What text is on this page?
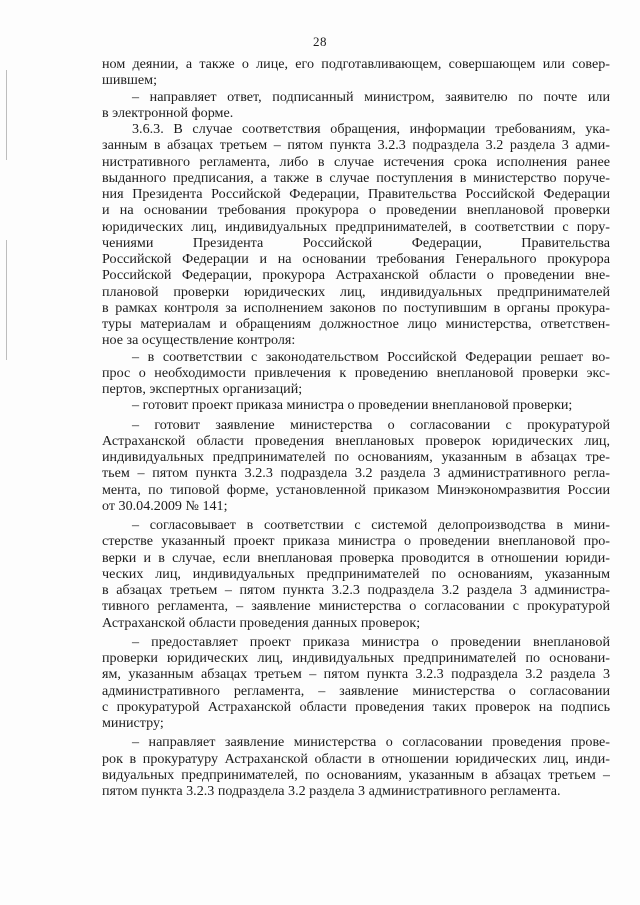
28
ном деянии, а также о лице, его подготавливающем, совершающем или совер-
шившем;
– направляет ответ, подписанный министром, заявителю по почте или
в электронной форме.
3.6.3. В случае соответствия обращения, информации требованиям, ука-
занным в абзацах третьем – пятом пункта 3.2.3 подраздела 3.2 раздела 3 адми-
нистративного регламента, либо в случае истечения срока исполнения ранее
выданного предписания, а также в случае поступления в министерство поруче-
ния Президента Российской Федерации, Правительства Российской Федерации
и на основании требования прокурора о проведении внеплановой проверки
юридических лиц, индивидуальных предпринимателей, в соответствии с пору-
чениями Президента Российской Федерации, Правительства
Российской Федерации и на основании требования Генерального прокурора
Российской Федерации, прокурора Астраханской области о проведении вне-
плановой проверки юридических лиц, индивидуальных предпринимателей
в рамках контроля за исполнением законов по поступившим в органы прокура-
туры материалам и обращениям должностное лицо министерства, ответствен-
ное за осуществление контроля:
– в соответствии с законодательством Российской Федерации решает во-
прос о необходимости привлечения к проведению внеплановой проверки экс-
пертов, экспертных организаций;
– готовит проект приказа министра о проведении внеплановой проверки;
– готовит заявление министерства о согласовании с прокуратурой
Астраханской области проведения внеплановых проверок юридических лиц,
индивидуальных предпринимателей по основаниям, указанным в абзацах тре-
тьем – пятом пункта 3.2.3 подраздела 3.2 раздела 3 административного регла-
мента, по типовой форме, установленной приказом Минэкономразвития России
от 30.04.2009 № 141;
– согласовывает в соответствии с системой делопроизводства в мини-
стерстве указанный проект приказа министра о проведении внеплановой про-
верки и в случае, если внеплановая проверка проводится в отношении юриди-
ческих лиц, индивидуальных предпринимателей по основаниям, указанным
в абзацах третьем – пятом пункта 3.2.3 подраздела 3.2 раздела 3 администра-
тивного регламента, – заявление министерства о согласовании с прокуратурой
Астраханской области проведения данных проверок;
– предоставляет проект приказа министра о проведении внеплановой
проверки юридических лиц, индивидуальных предпринимателей по основани-
ям, указанным абзацах третьем – пятом пункта 3.2.3 подраздела 3.2 раздела 3
административного регламента, – заявление министерства о согласовании
с прокуратурой Астраханской области проведения таких проверок на подпись
министру;
– направляет заявление министерства о согласовании проведения прове-
рок в прокуратуру Астраханской области в отношении юридических лиц, инди-
видуальных предпринимателей, по основаниям, указанным в абзацах третьем –
пятом пункта 3.2.3 подраздела 3.2 раздела 3 административного регламента.
